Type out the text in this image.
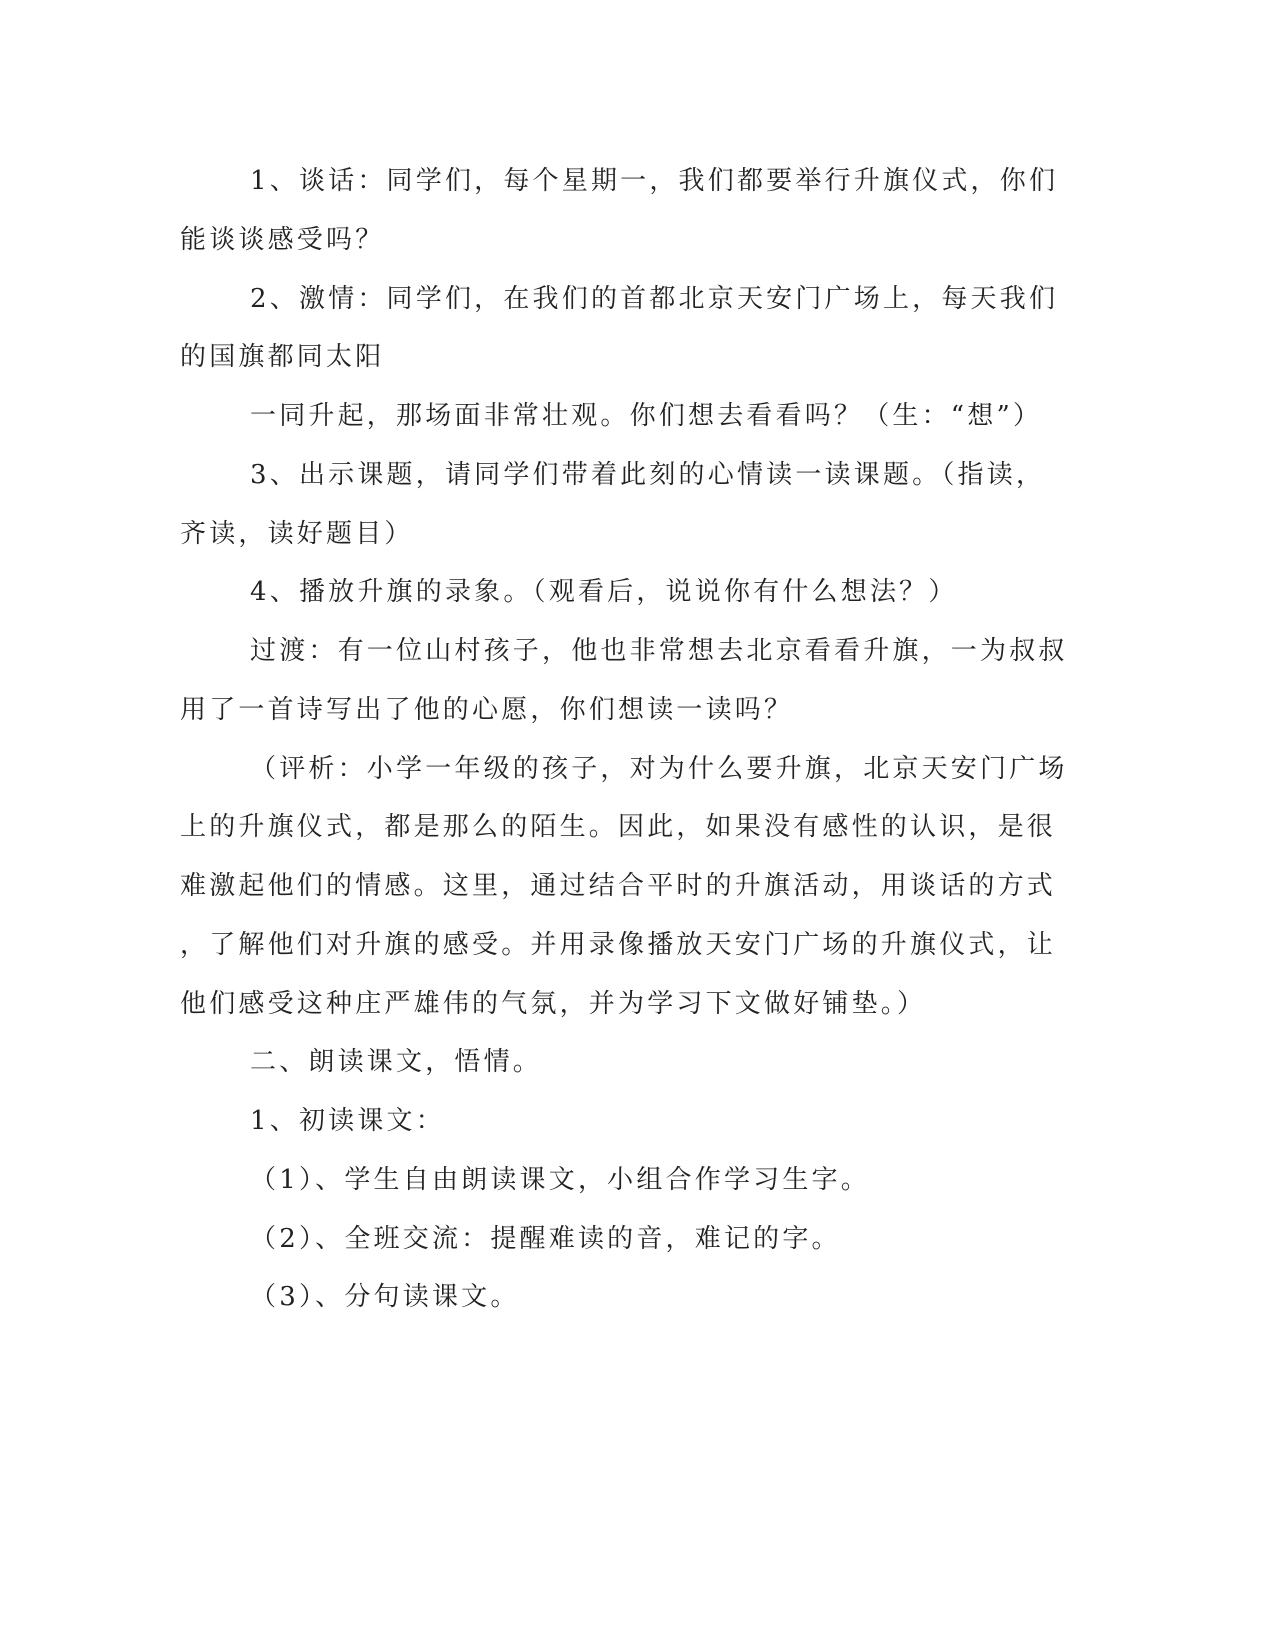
1、谈话：同学们，每个星期一，我们都要举行升旗仪式，你们

能谈谈感受吗？

2、激情：同学们，在我们的首都北京天安门广场上，每天我们

的国旗都同太阳

一同升起，那场面非常壮观。你们想去看看吗？（生：“想”）

3、出示课题，请同学们带着此刻的心情读一读课题。（指读，

齐读，读好题目）

4、播放升旗的录象。（观看后，说说你有什么想法？）

过渡：有一位山村孩子，他也非常想去北京看看升旗，一为叔叔

用了一首诗写出了他的心愿，你们想读一读吗？

（评析：小学一年级的孩子，对为什么要升旗，北京天安门广场

上的升旗仪式，都是那么的陌生。因此，如果没有感性的认识，是很

难激起他们的情感。这里，通过结合平时的升旗活动，用谈话的方式

，了解他们对升旗的感受。并用录像播放天安门广场的升旗仪式，让

他们感受这种庄严雄伟的气氛，并为学习下文做好铺垫。）

二、朗读课文，悟情。

1、初读课文：

（1）、学生自由朗读课文，小组合作学习生字。

（2）、全班交流：提醒难读的音，难记的字。

（3）、分句读课文。
